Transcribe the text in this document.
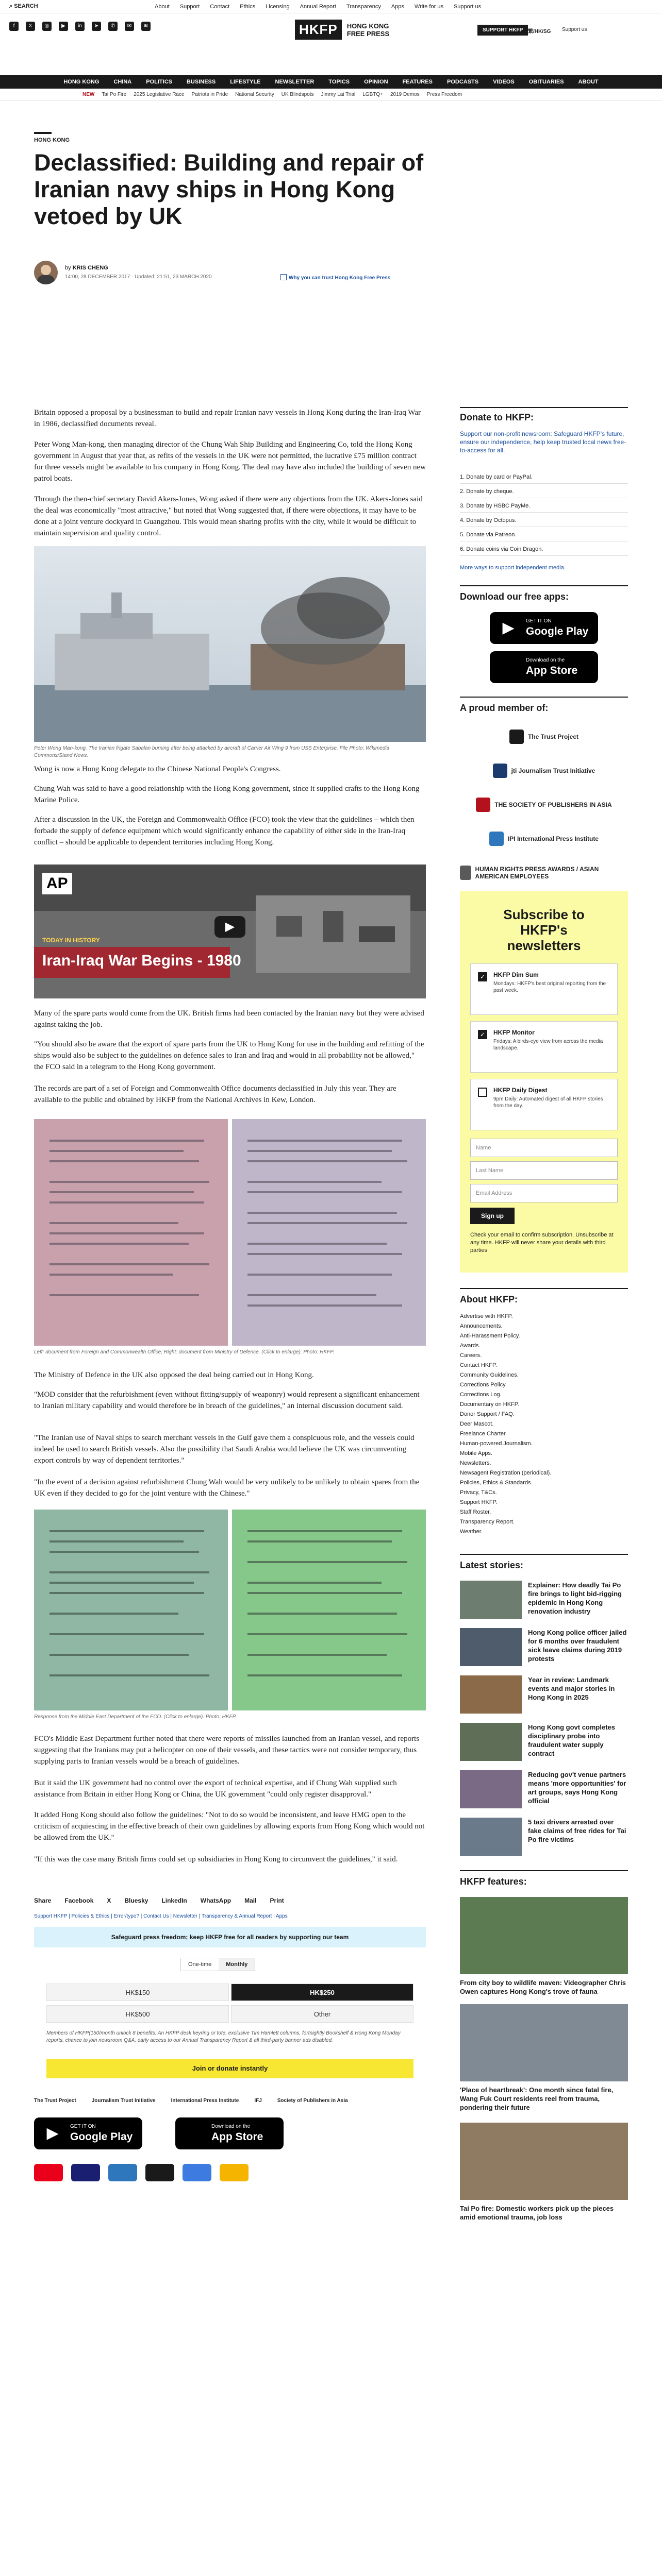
⌕ SEARCH	About Support Contact Ethics Licensing Annual Report Transparency Apps Write for us Support us
f	X	◎	▶	in	➤	✆	✉	≋	HKFP	HONG KONG
FREE PRESS	SUPPORT HKFP 繁/HK/SG Support us
HONG KONG	CHINA	POLITICS	BUSINESS	LIFESTYLE	NEWSLETTER	TOPICS	OPINION	FEATURES	PODCASTS	VIDEOS	OBITUARIES	ABOUT
NEW Tai Po Fire 2025 Legislative Race Patriots in Pride National Security UK Blindspots Jimmy Lai Trial LGBTQ+ 2019 Demos Press Freedom
HONG KONG
Declassified: Building and repair of Iranian navy ships in Hong Kong vetoed by UK
by KRIS CHENG
14:00, 28 DECEMBER 2017 · Updated: 21:51, 23 MARCH 2020	Why you can trust Hong Kong Free Press

Britain opposed a proposal by a businessman to build and repair Iranian navy vessels in Hong Kong during the Iran-Iraq War in 1986, declassified documents reveal.

Peter Wong Man-kong, then managing director of the Chung Wah Ship Building and Engineering Co, told the Hong Kong government in August that year that, as refits of the vessels in the UK were not permitted, the lucrative £75 million contract for three vessels might be available to his company in Hong Kong. The deal may have also included the building of seven new patrol boats.

Through the then-chief secretary David Akers-Jones, Wong asked if there were any objections from the UK. Akers-Jones said the deal was economically "most attractive," but noted that Wong suggested that, if there were objections, it may have to be done at a joint venture dockyard in Guangzhou. This would mean sharing profits with the city, while it would be difficult to maintain supervision and quality control.

Peter Wong Man-kong. The Iranian frigate Sabalan burning after being attacked by aircraft of Carrier Air Wing 9 from USS Enterprise. File Photo: Wikimedia Commons/Stand News.

Wong is now a Hong Kong delegate to the Chinese National People's Congress.

Chung Wah was said to have a good relationship with the Hong Kong government, since it supplied crafts to the Hong Kong Marine Police.

After a discussion in the UK, the Foreign and Commonwealth Office (FCO) took the view that the guidelines – which then forbade the supply of defence equipment which would significantly enhance the capability of either side in the Iran-Iraq conflict – should be applicable to dependent territories including Hong Kong.

AP
TODAY IN HISTORY
Iran-Iraq War Begins - 1980
▶

Many of the spare parts would come from the UK. British firms had been contacted by the Iranian navy but they were advised against taking the job.

"You should also be aware that the export of spare parts from the UK to Hong Kong for use in the building and refitting of the ships would also be subject to the guidelines on defence sales to Iran and Iraq and would in all probability not be allowed," the FCO said in a telegram to the Hong Kong government.

The records are part of a set of Foreign and Commonwealth Office documents declassified in July this year. They are available to the public and obtained by HKFP from the National Archives in Kew, London.

Left: document from Foreign and Commonwealth Office; Right: document from Ministry of Defence. (Click to enlarge). Photo: HKFP.

The Ministry of Defence in the UK also opposed the deal being carried out in Hong Kong.

"MOD consider that the refurbishment (even without fitting/supply of weaponry) would represent a significant enhancement to Iranian military capability and would therefore be in breach of the guidelines," an internal discussion document said.

"The Iranian use of Naval ships to search merchant vessels in the Gulf gave them a conspicuous role, and the vessels could indeed be used to search British vessels. Also the possibility that Saudi Arabia would believe the UK was circumventing export controls by way of dependent territories."

"In the event of a decision against refurbishment Chung Wah would be very unlikely to be unlikely to obtain spares from the UK even if they decided to go for the joint venture with the Chinese."

Response from the Middle East Department of the FCO. (Click to enlarge). Photo: HKFP.

FCO's Middle East Department further noted that there were reports of missiles launched from an Iranian vessel, and reports suggesting that the Iranians may put a helicopter on one of their vessels, and these tactics were not consider temporary, thus supplying parts to Iranian vessels would be a breach of guidelines.

But it said the UK government had no control over the export of technical expertise, and if Chung Wah supplied such assistance from Britain in either Hong Kong or China, the UK government "could only register disapproval."

It added Hong Kong should also follow the guidelines: "Not to do so would be inconsistent, and leave HMG open to the criticism of acquiescing in the effective breach of their own guidelines by allowing exports from Hong Kong which would not be allowed from the UK."

"If this was the case many British firms could set up subsidiaries in Hong Kong to circumvent the guidelines," it said.

Share Facebook X Bluesky LinkedIn WhatsApp Mail Print
Support HKFP | Policies & Ethics | Error/typo? | Contact Us | Newsletter | Transparency & Annual Report | Apps
Safeguard press freedom; keep HKFP free for all readers by supporting our team
One-time	Monthly
HK$150	HK$250
HK$500	Other
Members of HKFP(150/month unlock 8 benefits: An HKFP desk keyring or tote, exclusive Tim Hamlett columns, fortnightly Bookshelf & Hong Kong Monday reports, chance to join newsroom Q&A, early access to our Annual Transparency Report & all third-party banner ads disabled.
Join or donate instantly
The Trust Project	Journalism Trust Initiative	International Press Institute	IFJ	Society of Publishers in Asia
▶	GET IT ON
Google Play
Download on the
App Store
Donate to HKFP:
Support our non-profit newsroom: Safeguard HKFP's future, ensure our independence, help keep trusted local news free-to-access for all.
1. Donate by card or PayPal.
2. Donate by cheque.
3. Donate by HSBC PayMe.
4. Donate by Octopus.
5. Donate via Patreon.
6. Donate coins via Coin Dragon.
More ways to support independent media.
Download our free apps:
▶	GET IT ON
Google Play
Download on the
App Store
A proud member of:
The Trust Project
jti Journalism Trust Initiative
THE SOCIETY OF PUBLISHERS IN ASIA
IPI International Press Institute
HUMAN RIGHTS PRESS AWARDS / ASIAN AMERICAN EMPLOYEES
Subscribe to
HKFP's
newsletters
✓	HKFP Dim Sum
Mondays: HKFP's best original reporting from the past week.
✓	HKFP Monitor
Fridays: A birds-eye view from across the media landscape.
HKFP Daily Digest
9pm Daily: Automated digest of all HKFP stories from the day.
Name
Last Name
Email Address
Sign up
Check your email to confirm subscription. Unsubscribe at any time. HKFP will never share your details with third parties.
About HKFP:
Advertise with HKFP.
Announcements.
Anti-Harassment Policy.
Awards.
Careers.
Contact HKFP.
Community Guidelines.
Corrections Policy.
Corrections Log.
Documentary on HKFP.
Donor Support / FAQ.
Deer Mascot.
Freelance Charter.
Human-powered Journalism.
Mobile Apps.
Newsletters.
Newsagent Registration (periodical).
Policies, Ethics & Standards.
Privacy, T&Cs.
Support HKFP.
Staff Roster.
Transparency Report.
Weather.
Latest stories:
Explainer: How deadly Tai Po fire brings to light bid-rigging epidemic in Hong Kong renovation industry
Hong Kong police officer jailed for 6 months over fraudulent sick leave claims during 2019 protests
Year in review: Landmark events and major stories in Hong Kong in 2025
Hong Kong govt completes disciplinary probe into fraudulent water supply contract
Reducing gov't venue partners means 'more opportunities' for art groups, says Hong Kong official
5 taxi drivers arrested over fake claims of free rides for Tai Po fire victims
HKFP features:
From city boy to wildlife maven: Videographer Chris Owen captures Hong Kong's trove of fauna
'Place of heartbreak': One month since fatal fire, Wang Fuk Court residents reel from trauma, pondering their future
Tai Po fire: Domestic workers pick up the pieces amid emotional trauma, job loss
